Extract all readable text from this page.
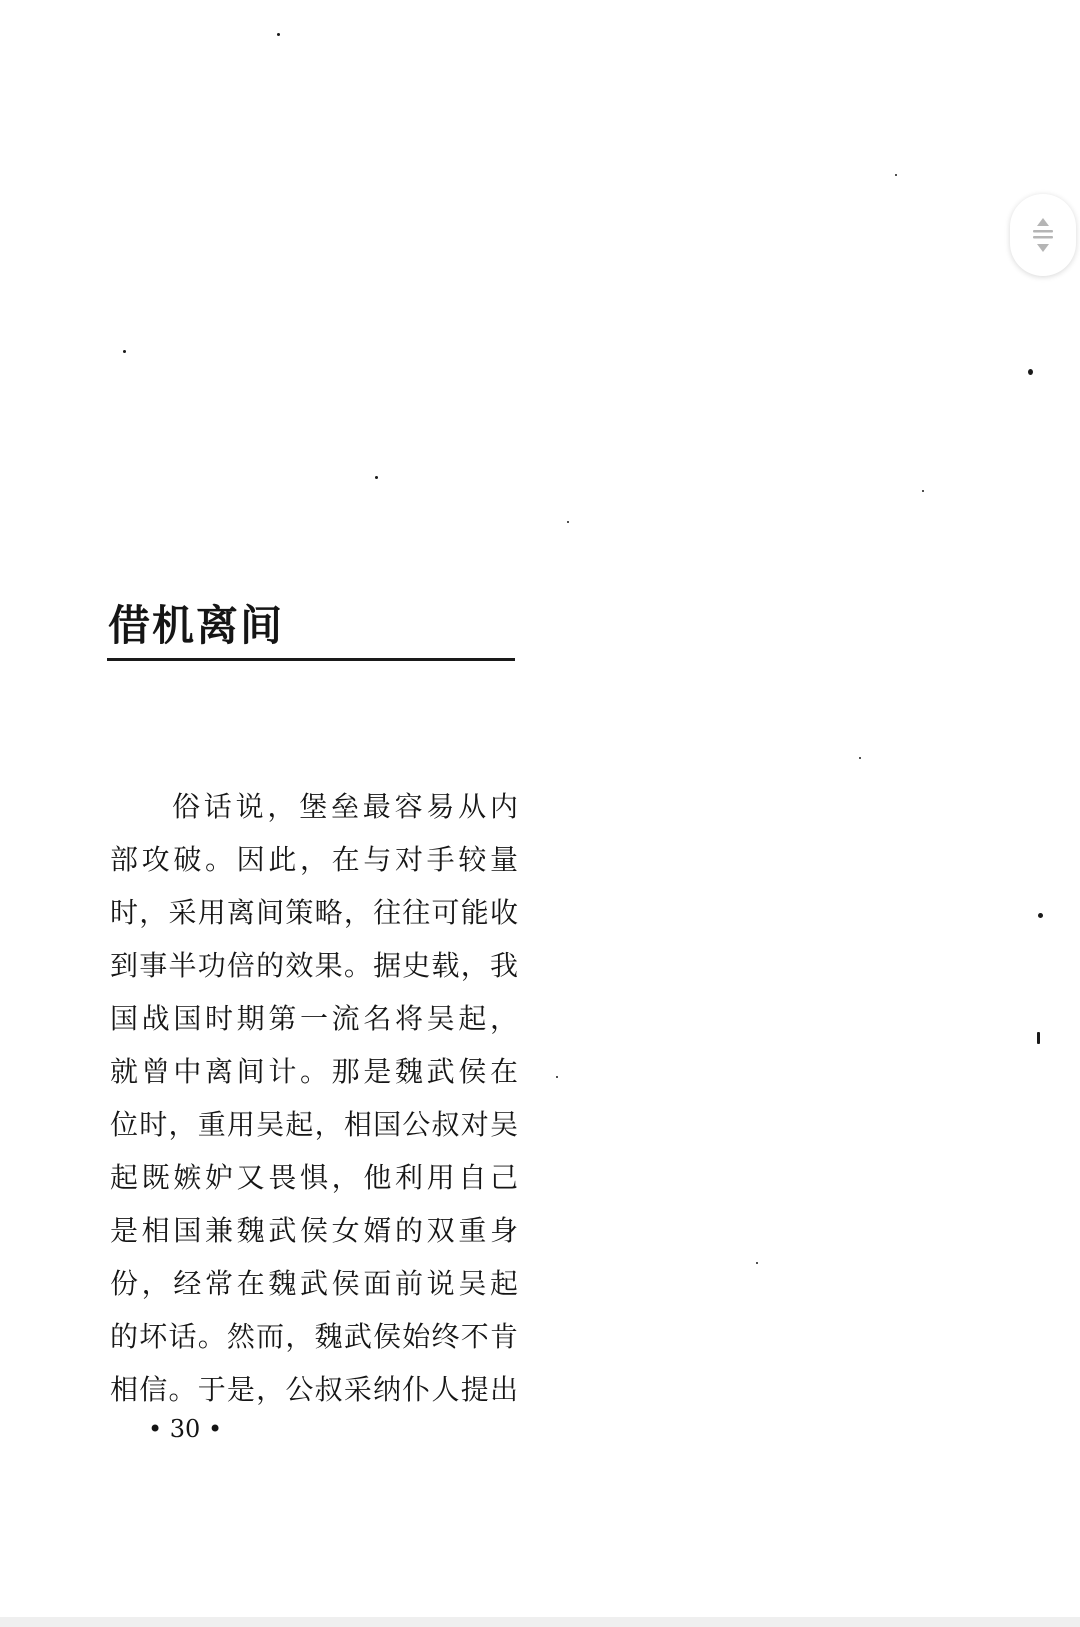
借机离间
俗话说，堡垒最容易从内
部攻破。因此，在与对手较量
时，采用离间策略，往往可能收
到事半功倍的效果。据史载，我
国战国时期第一流名将吴起，
就曾中离间计。那是魏武侯在
位时，重用吴起，相国公叔对吴
起既嫉妒又畏惧，他利用自己
是相国兼魏武侯女婿的双重身
份，经常在魏武侯面前说吴起
的坏话。然而，魏武侯始终不肯
相信。于是，公叔采纳仆人提出
• 30 •
